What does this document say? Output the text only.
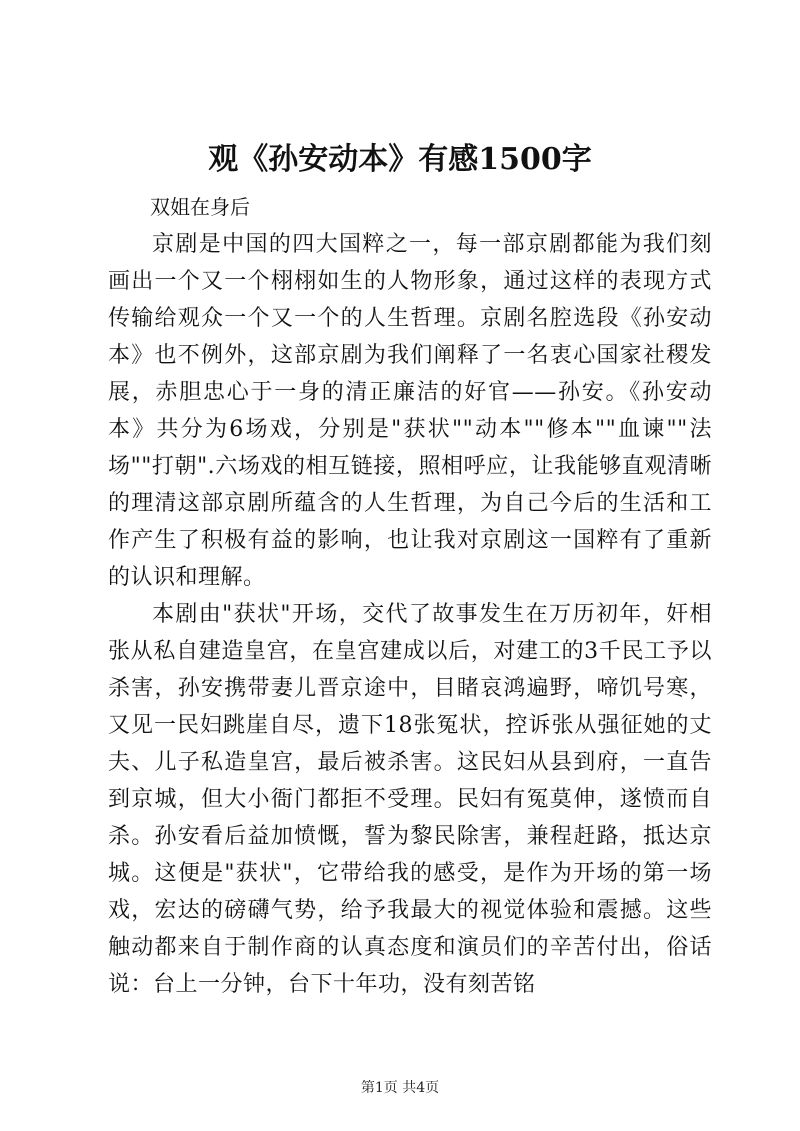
观《孙安动本》有感1500字
双姐在身后

京剧是中国的四大国粹之一，每一部京剧都能为我们刻画出一个又一个栩栩如生的人物形象，通过这样的表现方式传输给观众一个又一个的人生哲理。京剧名腔选段《孙安动本》也不例外，这部京剧为我们阐释了一名衷心国家社稷发展，赤胆忠心于一身的清正廉洁的好官——孙安。《孙安动本》共分为6场戏，分别是"获状""动本""修本""血谏""法场""打朝".六场戏的相互链接，照相呼应，让我能够直观清晰的理清这部京剧所蕴含的人生哲理，为自己今后的生活和工作产生了积极有益的影响，也让我对京剧这一国粹有了重新的认识和理解。

本剧由"获状"开场，交代了故事发生在万历初年，奸相张从私自建造皇宫，在皇宫建成以后，对建工的3千民工予以杀害，孙安携带妻儿晋京途中，目睹哀鸿遍野，啼饥号寒，又见一民妇跳崖自尽，遗下18张冤状，控诉张从强征她的丈夫、儿子私造皇宫，最后被杀害。这民妇从县到府，一直告到京城，但大小衙门都拒不受理。民妇有冤莫伸，遂愤而自杀。孙安看后益加愤慨，誓为黎民除害，兼程赶路，抵达京城。这便是"获状"，它带给我的感受，是作为开场的第一场戏，宏达的磅礴气势，给予我最大的视觉体验和震撼。这些触动都来自于制作商的认真态度和演员们的辛苦付出，俗话说：台上一分钟，台下十年功，没有刻苦铭

第1页 共4页
